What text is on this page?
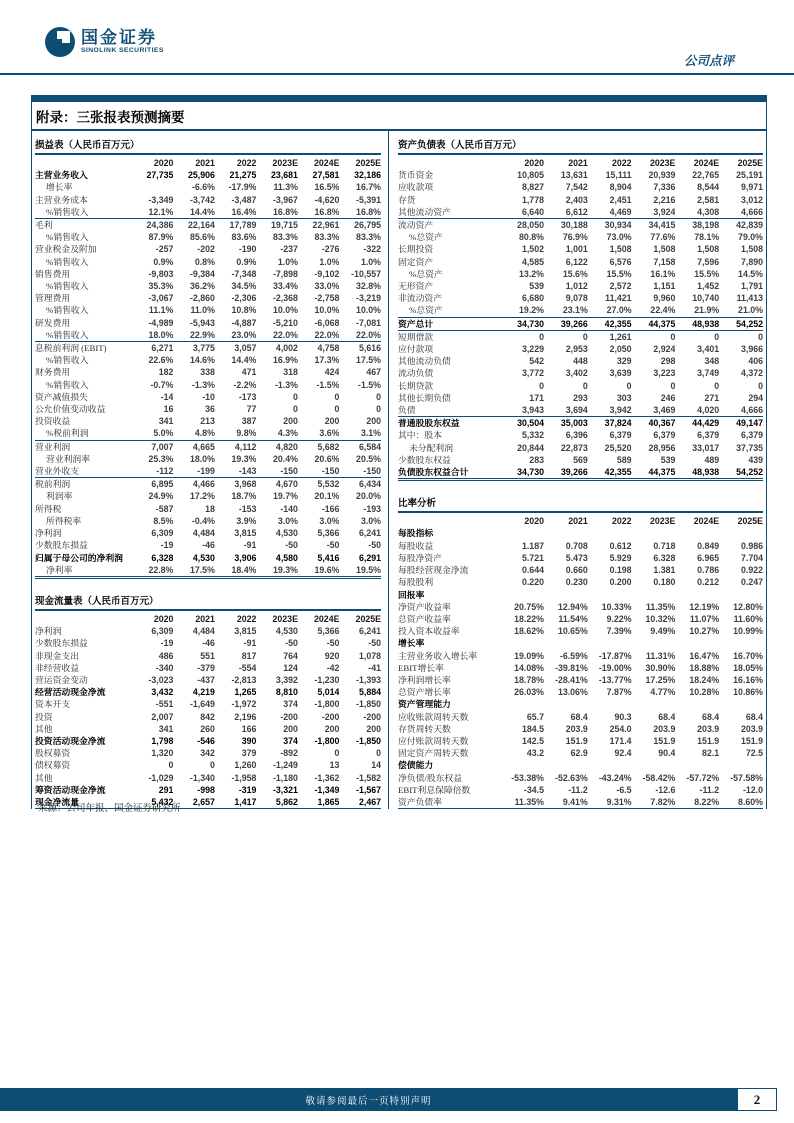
国金证券
SINOLINK SECURITIES
公司点评
附录：三张报表预测摘要
损益表（人民币百万元）
	2020	2021	2022	2023E	2024E	2025E
主营业务收入	27,735	25,906	21,275	23,681	27,581	32,186
增长率		-6.6%	-17.9%	11.3%	16.5%	16.7%
主营业务成本	-3,349	-3,742	-3,487	-3,967	-4,620	-5,391
%销售收入	12.1%	14.4%	16.4%	16.8%	16.8%	16.8%
毛利	24,386	22,164	17,789	19,715	22,961	26,795
%销售收入	87.9%	85.6%	83.6%	83.3%	83.3%	83.3%
营业税金及附加	-257	-202	-190	-237	-276	-322
%销售收入	0.9%	0.8%	0.9%	1.0%	1.0%	1.0%
销售费用	-9,803	-9,384	-7,348	-7,898	-9,102	-10,557
%销售收入	35.3%	36.2%	34.5%	33.4%	33.0%	32.8%
管理费用	-3,067	-2,860	-2,306	-2,368	-2,758	-3,219
%销售收入	11.1%	11.0%	10.8%	10.0%	10.0%	10.0%
研发费用	-4,989	-5,943	-4,887	-5,210	-6,068	-7,081
%销售收入	18.0%	22.9%	23.0%	22.0%	22.0%	22.0%
息税前利润 (EBIT)	6,271	3,775	3,057	4,002	4,758	5,616
%销售收入	22.6%	14.6%	14.4%	16.9%	17.3%	17.5%
财务费用	182	338	471	318	424	467
%销售收入	-0.7%	-1.3%	-2.2%	-1.3%	-1.5%	-1.5%
资产减值损失	-14	-10	-173	0	0	0
公允价值变动收益	16	36	77	0	0	0
投资收益	341	213	387	200	200	200
%税前利润	5.0%	4.8%	9.8%	4.3%	3.6%	3.1%
营业利润	7,007	4,665	4,112	4,820	5,682	6,584
营业利润率	25.3%	18.0%	19.3%	20.4%	20.6%	20.5%
营业外收支	-112	-199	-143	-150	-150	-150
税前利润	6,895	4,466	3,968	4,670	5,532	6,434
利润率	24.9%	17.2%	18.7%	19.7%	20.1%	20.0%
所得税	-587	18	-153	-140	-166	-193
所得税率	8.5%	-0.4%	3.9%	3.0%	3.0%	3.0%
净利润	6,309	4,484	3,815	4,530	5,366	6,241
少数股东损益	-19	-46	-91	-50	-50	-50
归属于母公司的净利润	6,328	4,530	3,906	4,580	5,416	6,291
净利率	22.8%	17.5%	18.4%	19.3%	19.6%	19.5%
现金流量表（人民币百万元）
	2020	2021	2022	2023E	2024E	2025E
净利润	6,309	4,484	3,815	4,530	5,366	6,241
少数股东损益	-19	-46	-91	-50	-50	-50
非现金支出	486	551	817	764	920	1,078
非经营收益	-340	-379	-554	124	-42	-41
营运资金变动	-3,023	-437	-2,813	3,392	-1,230	-1,393
经营活动现金净流	3,432	4,219	1,265	8,810	5,014	5,884
资本开支	-551	-1,649	-1,972	374	-1,800	-1,850
投资	2,007	842	2,196	-200	-200	-200
其他	341	260	166	200	200	200
投资活动现金净流	1,798	-546	390	374	-1,800	-1,850
股权募资	1,320	342	379	-892	0	0
债权募资	0	0	1,260	-1,249	13	14
其他	-1,029	-1,340	-1,958	-1,180	-1,362	-1,582
筹资活动现金净流	291	-998	-319	-3,321	-1,349	-1,567
现金净流量	5,432	2,657	1,417	5,862	1,865	2,467
资产负债表（人民币百万元）
	2020	2021	2022	2023E	2024E	2025E
货币资金	10,805	13,631	15,111	20,939	22,765	25,191
应收款项	8,827	7,542	8,904	7,336	8,544	9,971
存货	1,778	2,403	2,451	2,216	2,581	3,012
其他流动资产	6,640	6,612	4,469	3,924	4,308	4,666
流动资产	28,050	30,188	30,934	34,415	38,198	42,839
%总资产	80.8%	76.9%	73.0%	77.6%	78.1%	79.0%
长期投资	1,502	1,001	1,508	1,508	1,508	1,508
固定资产	4,585	6,122	6,576	7,158	7,596	7,890
%总资产	13.2%	15.6%	15.5%	16.1%	15.5%	14.5%
无形资产	539	1,012	2,572	1,151	1,452	1,791
非流动资产	6,680	9,078	11,421	9,960	10,740	11,413
%总资产	19.2%	23.1%	27.0%	22.4%	21.9%	21.0%
资产总计	34,730	39,266	42,355	44,375	48,938	54,252
短期借款	0	0	1,261	0	0	0
应付款项	3,229	2,953	2,050	2,924	3,401	3,966
其他流动负债	542	448	329	298	348	406
流动负债	3,772	3,402	3,639	3,223	3,749	4,372
长期贷款	0	0	0	0	0	0
其他长期负债	171	293	303	246	271	294
负债	3,943	3,694	3,942	3,469	4,020	4,666
普通股股东权益	30,504	35,003	37,824	40,367	44,429	49,147
其中：股本	5,332	6,396	6,379	6,379	6,379	6,379
未分配利润	20,844	22,873	25,520	28,956	33,017	37,735
少数股东权益	283	569	589	539	489	439
负债股东权益合计	34,730	39,266	42,355	44,375	48,938	54,252
比率分析
	2020	2021	2022	2023E	2024E	2025E
每股指标						
每股收益	1.187	0.708	0.612	0.718	0.849	0.986
每股净资产	5.721	5.473	5.929	6.328	6.965	7.704
每股经营现金净流	0.644	0.660	0.198	1.381	0.786	0.922
每股股利	0.220	0.230	0.200	0.180	0.212	0.247
回报率						
净资产收益率	20.75%	12.94%	10.33%	11.35%	12.19%	12.80%
总资产收益率	18.22%	11.54%	9.22%	10.32%	11.07%	11.60%
投入资本收益率	18.62%	10.65%	7.39%	9.49%	10.27%	10.99%
增长率						
主营业务收入增长率	19.09%	-6.59%	-17.87%	11.31%	16.47%	16.70%
EBIT增长率	14.08%	-39.81%	-19.00%	30.90%	18.88%	18.05%
净利润增长率	18.78%	-28.41%	-13.77%	17.25%	18.24%	16.16%
总资产增长率	26.03%	13.06%	7.87%	4.77%	10.28%	10.86%
资产管理能力						
应收账款周转天数	65.7	68.4	90.3	68.4	68.4	68.4
存货周转天数	184.5	203.9	254.0	203.9	203.9	203.9
应付账款周转天数	142.5	151.9	171.4	151.9	151.9	151.9
固定资产周转天数	43.2	62.9	92.4	90.4	82.1	72.5
偿债能力						
净负债/股东权益	-53.38%	-52.63%	-43.24%	-58.42%	-57.72%	-57.58%
EBIT利息保障倍数	-34.5	-11.2	-6.5	-12.6	-11.2	-12.0
资产负债率	11.35%	9.41%	9.31%	7.82%	8.22%	8.60%
来源：公司年报、国金证券研究所
敬请参阅最后一页特别声明	2
